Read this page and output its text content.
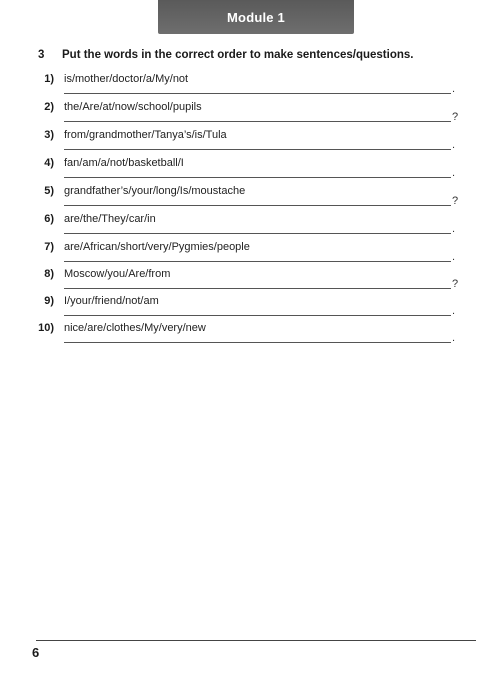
Module 1
3 Put the words in the correct order to make sentences/questions.
1) is/mother/doctor/a/My/not
.
2) the/Are/at/now/school/pupils
?
3) from/grandmother/Tanya’s/is/Tula
.
4) fan/am/a/not/basketball/I
.
5) grandfather’s/your/long/Is/moustache
?
6) are/the/They/car/in
.
7) are/African/short/very/Pygmies/people
.
8) Moscow/you/Are/from
?
9) I/your/friend/not/am
.
10) nice/are/clothes/My/very/new
.
6
